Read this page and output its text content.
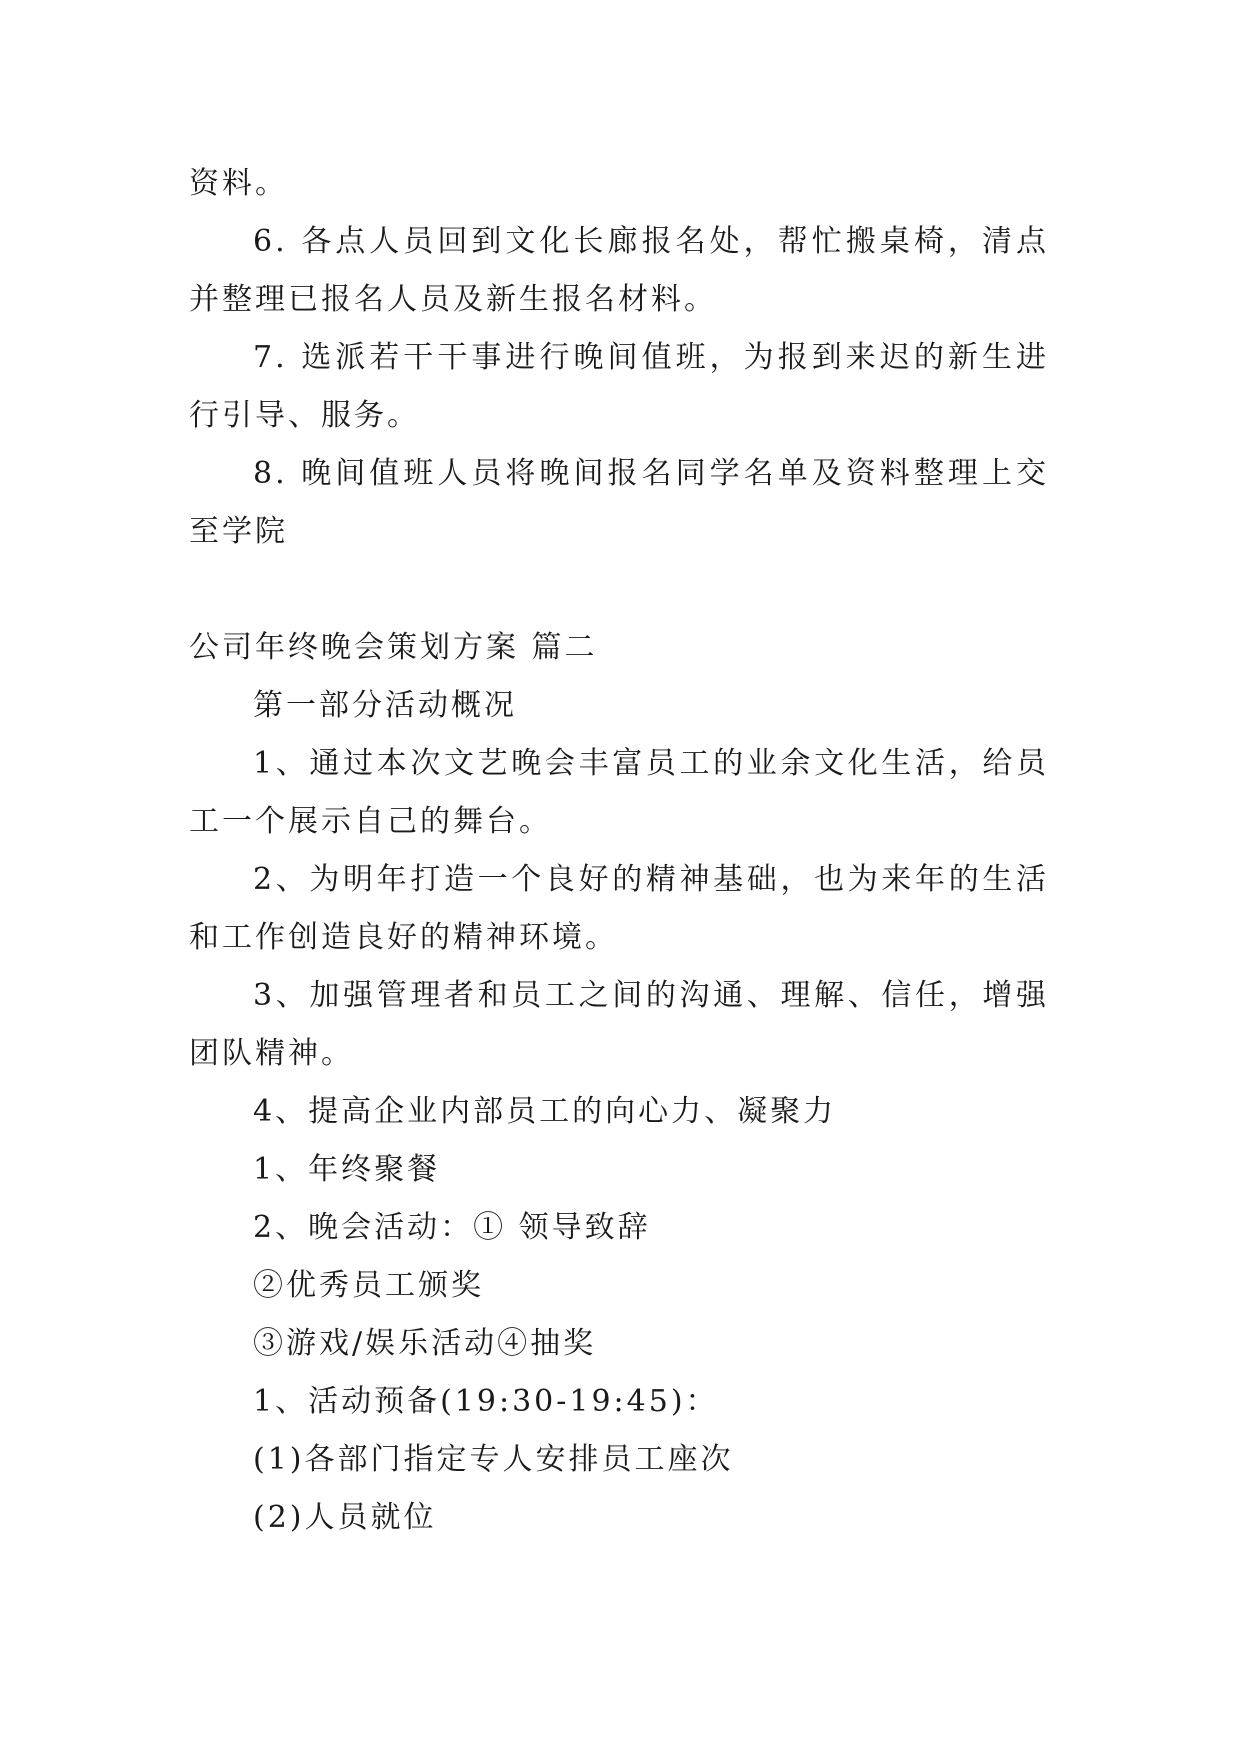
资料。
6. 各点人员回到文化长廊报名处，帮忙搬桌椅，清点
并整理已报名人员及新生报名材料。
7. 选派若干干事进行晚间值班，为报到来迟的新生进
行引导、服务。
8. 晚间值班人员将晚间报名同学名单及资料整理上交
至学院
公司年终晚会策划方案 篇二
第一部分活动概况
1、通过本次文艺晚会丰富员工的业余文化生活，给员
工一个展示自己的舞台。
2、为明年打造一个良好的精神基础，也为来年的生活
和工作创造良好的精神环境。
3、加强管理者和员工之间的沟通、理解、信任，增强
团队精神。
4、提高企业内部员工的向心力、凝聚力
1、年终聚餐
2、晚会活动：① 领导致辞
②优秀员工颁奖
③游戏/娱乐活动④抽奖
1、活动预备(19:30-19:45)：
(1)各部门指定专人安排员工座次
(2)人员就位
